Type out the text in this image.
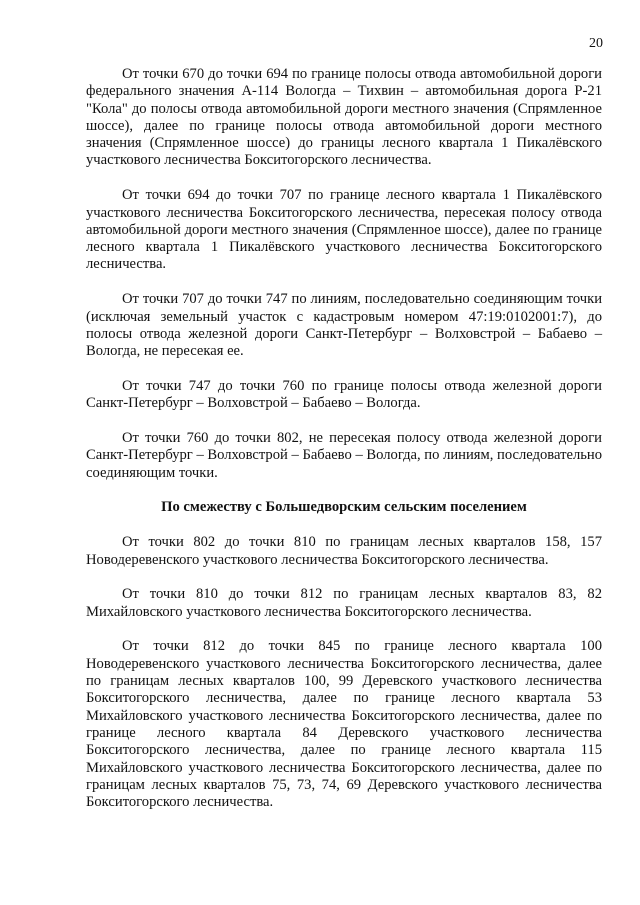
20

От точки 670 до точки 694 по границе полосы отвода автомобильной дороги федерального значения А-114 Вологда – Тихвин – автомобильная дорога Р-21 "Кола" до полосы отвода автомобильной дороги местного значения (Спрямленное шоссе), далее по границе полосы отвода автомобильной дороги местного значения (Спрямленное шоссе) до границы лесного квартала 1 Пикалёвского участкового лесничества Бокситогорского лесничества.

От точки 694 до точки 707 по границе лесного квартала 1 Пикалёвского участкового лесничества Бокситогорского лесничества, пересекая полосу отвода автомобильной дороги местного значения (Спрямленное шоссе), далее по границе лесного квартала 1 Пикалёвского участкового лесничества Бокситогорского лесничества.

От точки 707 до точки 747 по линиям, последовательно соединяющим точки (исключая земельный участок с кадастровым номером 47:19:0102001:7), до полосы отвода железной дороги Санкт-Петербург – Волховстрой – Бабаево – Вологда, не пересекая ее.

От точки 747 до точки 760 по границе полосы отвода железной дороги Санкт-Петербург – Волховстрой – Бабаево – Вологда.

От точки 760 до точки 802, не пересекая полосу отвода железной дороги Санкт-Петербург – Волховстрой – Бабаево – Вологда, по линиям, последовательно соединяющим точки.

По смежеству с Большедворским сельским поселением

От точки 802 до точки 810 по границам лесных кварталов 158, 157 Новодеревенского участкового лесничества Бокситогорского лесничества.

От точки 810 до точки 812 по границам лесных кварталов 83, 82 Михайловского участкового лесничества Бокситогорского лесничества.

От точки 812 до точки 845 по границе лесного квартала 100 Новодеревенского участкового лесничества Бокситогорского лесничества, далее по границам лесных кварталов 100, 99 Деревского участкового лесничества Бокситогорского лесничества, далее по границе лесного квартала 53 Михайловского участкового лесничества Бокситогорского лесничества, далее по границе лесного квартала 84 Деревского участкового лесничества Бокситогорского лесничества, далее по границе лесного квартала 115 Михайловского участкового лесничества Бокситогорского лесничества, далее по границам лесных кварталов 75, 73, 74, 69 Деревского участкового лесничества Бокситогорского лесничества.
